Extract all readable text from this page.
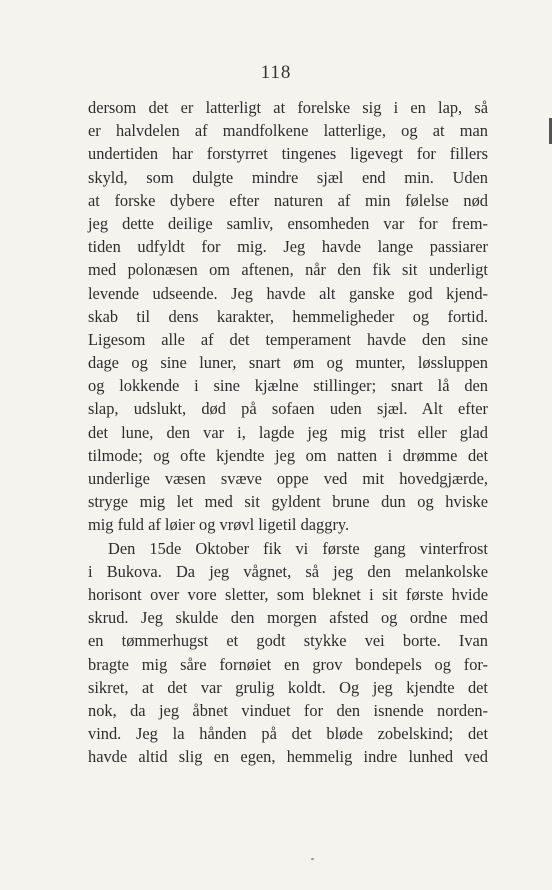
118
dersom det er latterligt at forelske sig i en lap, så
er halvdelen af mandfolkene latterlige, og at man
undertiden har forstyrret tingenes ligevegt for fillers
skyld, som dulgte mindre sjæl end min. Uden
at forske dybere efter naturen af min følelse nød
jeg dette deilige samliv, ensomheden var for frem-
tiden udfyldt for mig. Jeg havde lange passiarer
med polonæsen om aftenen, når den fik sit underligt
levende udseende. Jeg havde alt ganske god kjend-
skab til dens karakter, hemmeligheder og fortid.
Ligesom alle af det temperament havde den sine
dage og sine luner, snart øm og munter, løssluppen
og lokkende i sine kjælne stillinger; snart lå den
slap, udslukt, død på sofaen uden sjæl. Alt efter
det lune, den var i, lagde jeg mig trist eller glad
tilmode; og ofte kjendte jeg om natten i drømme det
underlige væsen svæve oppe ved mit hovedgjærde,
stryge mig let med sit gyldent brune dun og hviske
mig fuld af løier og vrøvl ligetil daggry.
Den 15de Oktober fik vi første gang vinterfrost
i Bukova. Da jeg vågnet, så jeg den melankolske
horisont over vore sletter, som bleknet i sit første hvide
skrud. Jeg skulde den morgen afsted og ordne med
en tømmerhugst et godt stykke vei borte. Ivan
bragte mig såre fornøiet en grov bondepels og for-
sikret, at det var grulig koldt. Og jeg kjendte det
nok, da jeg åbnet vinduet for den isnende norden-
vind. Jeg la hånden på det bløde zobelskind; det
havde altid slig en egen, hemmelig indre lunhed ved
